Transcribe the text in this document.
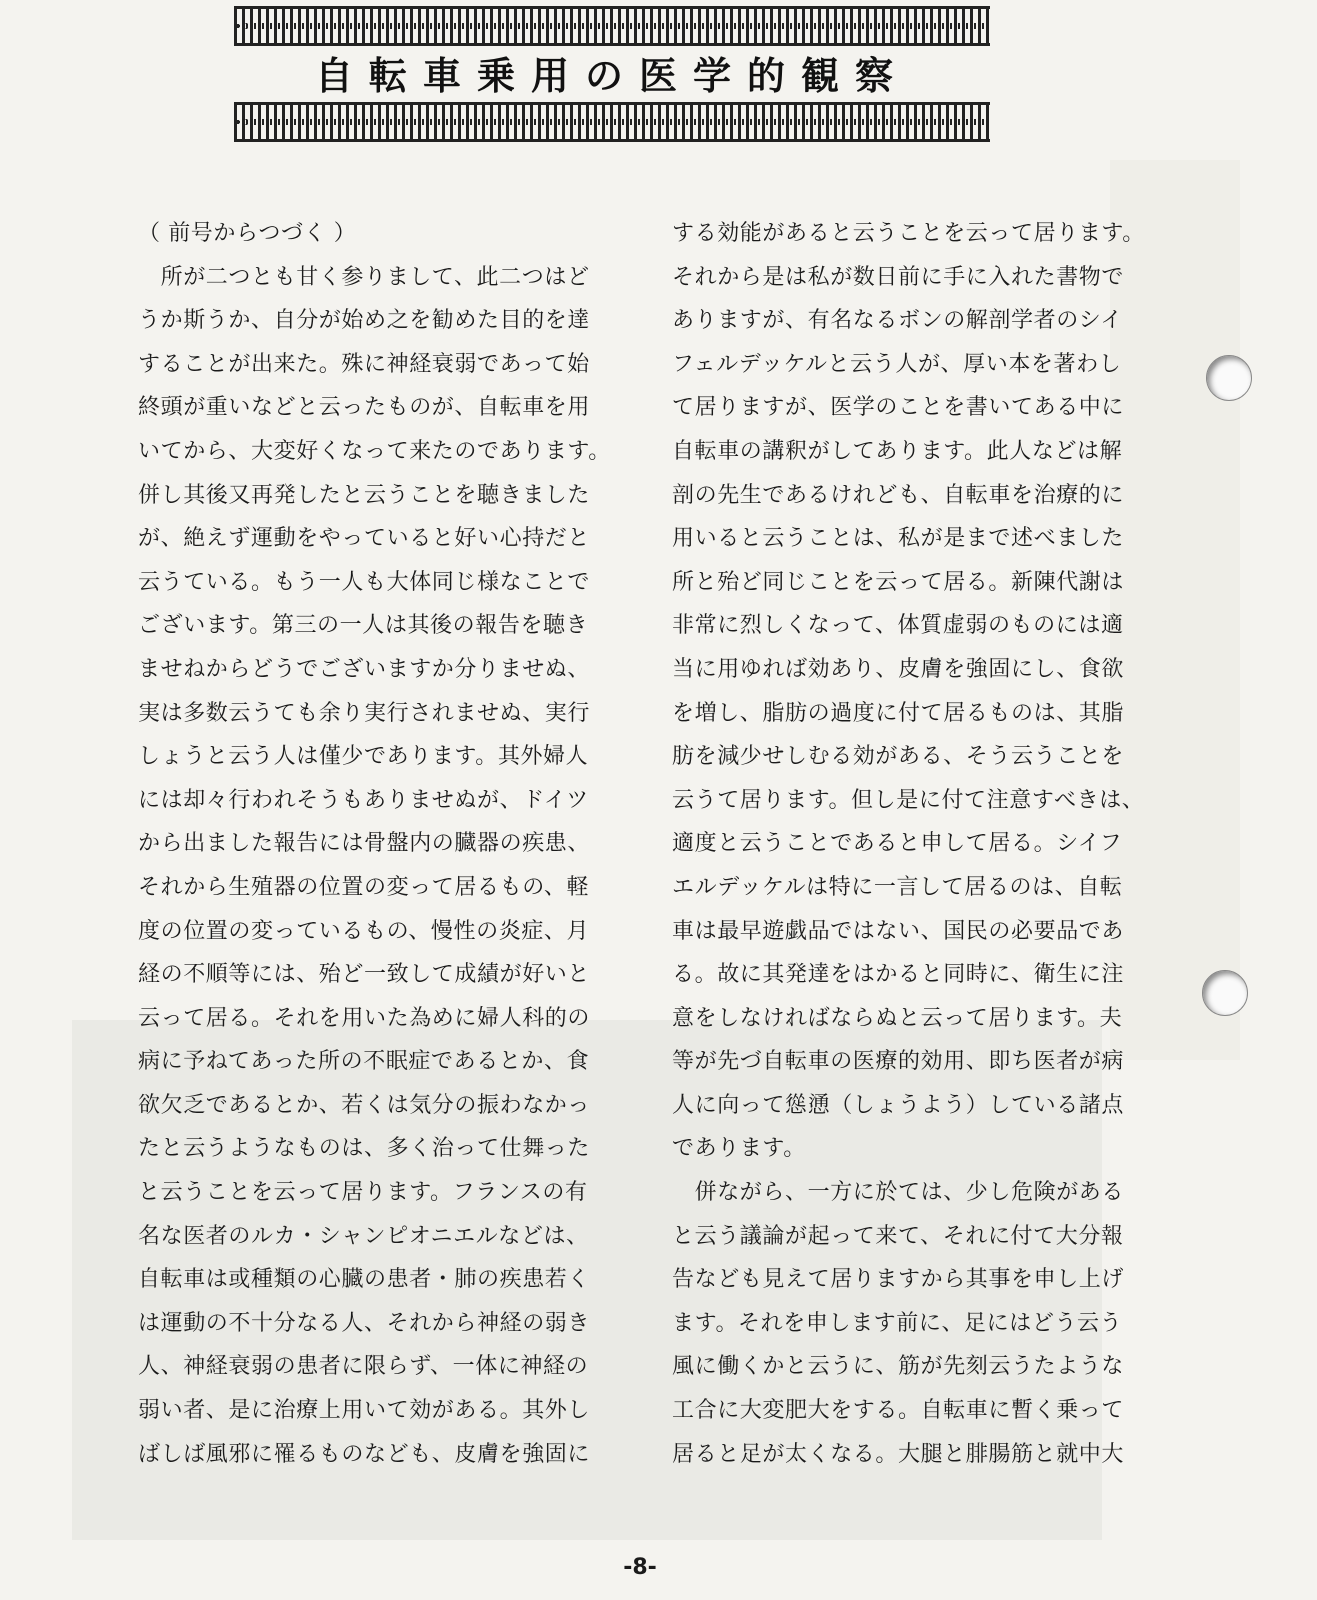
自転車乗用の医学的観察

（ 前号からつづく ）

　所が二つとも甘く参りまして、此二つはど

うか斯うか、自分が始め之を勧めた目的を達

することが出来た。殊に神経衰弱であって始

終頭が重いなどと云ったものが、自転車を用

いてから、大変好くなって来たのであります。

併し其後又再発したと云うことを聴きました

が、絶えず運動をやっていると好い心持だと

云うている。もう一人も大体同じ様なことで

ございます。第三の一人は其後の報告を聴き

ませねからどうでございますか分りませぬ、

実は多数云うても余り実行されませぬ、実行

しょうと云う人は僅少であります。其外婦人

には却々行われそうもありませぬが、ドイツ

から出ました報告には骨盤内の臓器の疾患、

それから生殖器の位置の変って居るもの、軽

度の位置の変っているもの、慢性の炎症、月

経の不順等には、殆ど一致して成績が好いと

云って居る。それを用いた為めに婦人科的の

病に予ねてあった所の不眠症であるとか、食

欲欠乏であるとか、若くは気分の振わなかっ

たと云うようなものは、多く治って仕舞った

と云うことを云って居ります。フランスの有

名な医者のルカ・シャンピオニエルなどは、

自転車は或種類の心臓の患者・肺の疾患若く

は運動の不十分なる人、それから神経の弱き

人、神経衰弱の患者に限らず、一体に神経の

弱い者、是に治療上用いて効がある。其外し

ばしば風邪に罹るものなども、皮膚を強固に

する効能があると云うことを云って居ります。

それから是は私が数日前に手に入れた書物で

ありますが、有名なるボンの解剖学者のシイ

フェルデッケルと云う人が、厚い本を著わし

て居りますが、医学のことを書いてある中に

自転車の講釈がしてあります。此人などは解

剖の先生であるけれども、自転車を治療的に

用いると云うことは、私が是まで述べました

所と殆ど同じことを云って居る。新陳代謝は

非常に烈しくなって、体質虚弱のものには適

当に用ゆれば効あり、皮膚を強固にし、食欲

を増し、脂肪の過度に付て居るものは、其脂

肪を減少せしむる効がある、そう云うことを

云うて居ります。但し是に付て注意すべきは、

適度と云うことであると申して居る。シイフ

エルデッケルは特に一言して居るのは、自転

車は最早遊戯品ではない、国民の必要品であ

る。故に其発達をはかると同時に、衛生に注

意をしなければならぬと云って居ります。夫

等が先づ自転車の医療的効用、即ち医者が病

人に向って慫慂（しょうよう）している諸点

であります。

　併ながら、一方に於ては、少し危険がある

と云う議論が起って来て、それに付て大分報

告なども見えて居りますから其事を申し上げ

ます。それを申します前に、足にはどう云う

風に働くかと云うに、筋が先刻云うたような

工合に大変肥大をする。自転車に暫く乗って

居ると足が太くなる。大腿と腓腸筋と就中大

-8-
